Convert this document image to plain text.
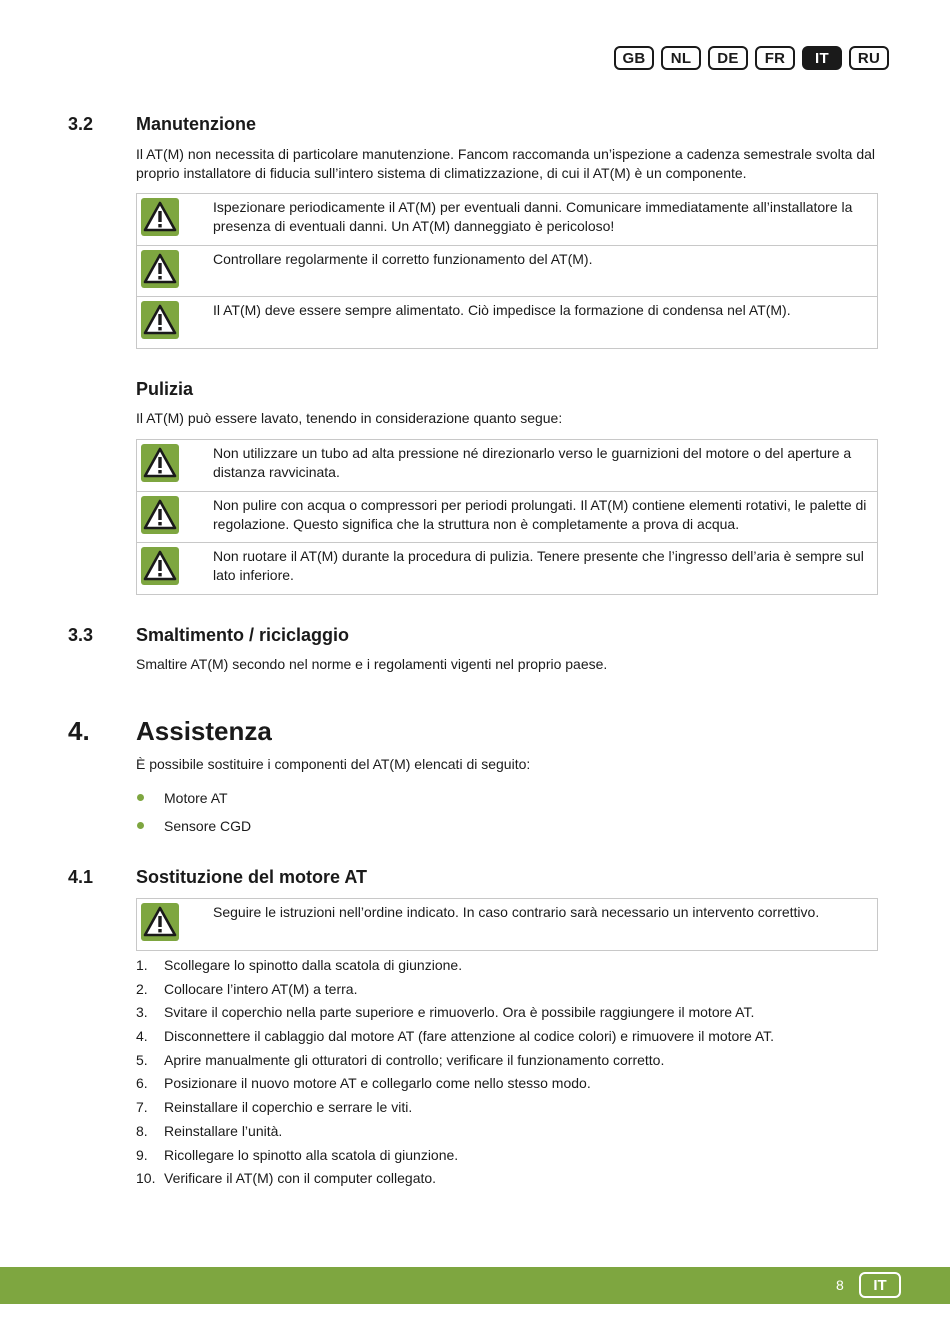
GB	NL	DE	FR	IT	RU
3.2 Manutenzione
Il AT(M) non necessita di particolare manutenzione. Fancom raccomanda un’ispezione a cadenza semestrale svolta dal proprio installatore di fiducia sull’intero sistema di climatizzazione, di cui il AT(M) è un componente.
Ispezionare periodicamente il AT(M) per eventuali danni. Comunicare immediatamente all’installatore la presenza di eventuali danni. Un AT(M) danneggiato è pericoloso!
Controllare regolarmente il corretto funzionamento del AT(M).
Il AT(M) deve essere sempre alimentato. Ciò impedisce la formazione di condensa nel AT(M).
Pulizia
Il AT(M) può essere lavato, tenendo in considerazione quanto segue:
Non utilizzare un tubo ad alta pressione né direzionarlo verso le guarnizioni del motore o del aperture a distanza ravvicinata.
Non pulire con acqua o compressori per periodi prolungati. Il AT(M) contiene elementi rotativi, le palette di regolazione. Questo significa che la struttura non è completamente a prova di acqua.
Non ruotare il AT(M) durante la procedura di pulizia. Tenere presente che l’ingresso dell’aria è sempre sul lato inferiore.
3.3 Smaltimento / riciclaggio
Smaltire AT(M) secondo nel norme e i regolamenti vigenti nel proprio paese.
4. Assistenza
È possibile sostituire i componenti del AT(M) elencati di seguito:
Motore AT
Sensore CGD
4.1 Sostituzione del motore AT
Seguire le istruzioni nell’ordine indicato. In caso contrario sarà necessario un intervento correttivo.
1. Scollegare lo spinotto dalla scatola di giunzione.
2. Collocare l’intero AT(M) a terra.
3. Svitare il coperchio nella parte superiore e rimuoverlo. Ora è possibile raggiungere il motore AT.
4. Disconnettere il cablaggio dal motore AT (fare attenzione al codice colori) e rimuovere il motore AT.
5. Aprire manualmente gli otturatori di controllo; verificare il funzionamento corretto.
6. Posizionare il nuovo motore AT e collegarlo come nello stesso modo.
7. Reinstallare il coperchio e serrare le viti.
8. Reinstallare l’unità.
9. Ricollegare lo spinotto alla scatola di giunzione.
10. Verificare il AT(M) con il computer collegato.
8	IT
